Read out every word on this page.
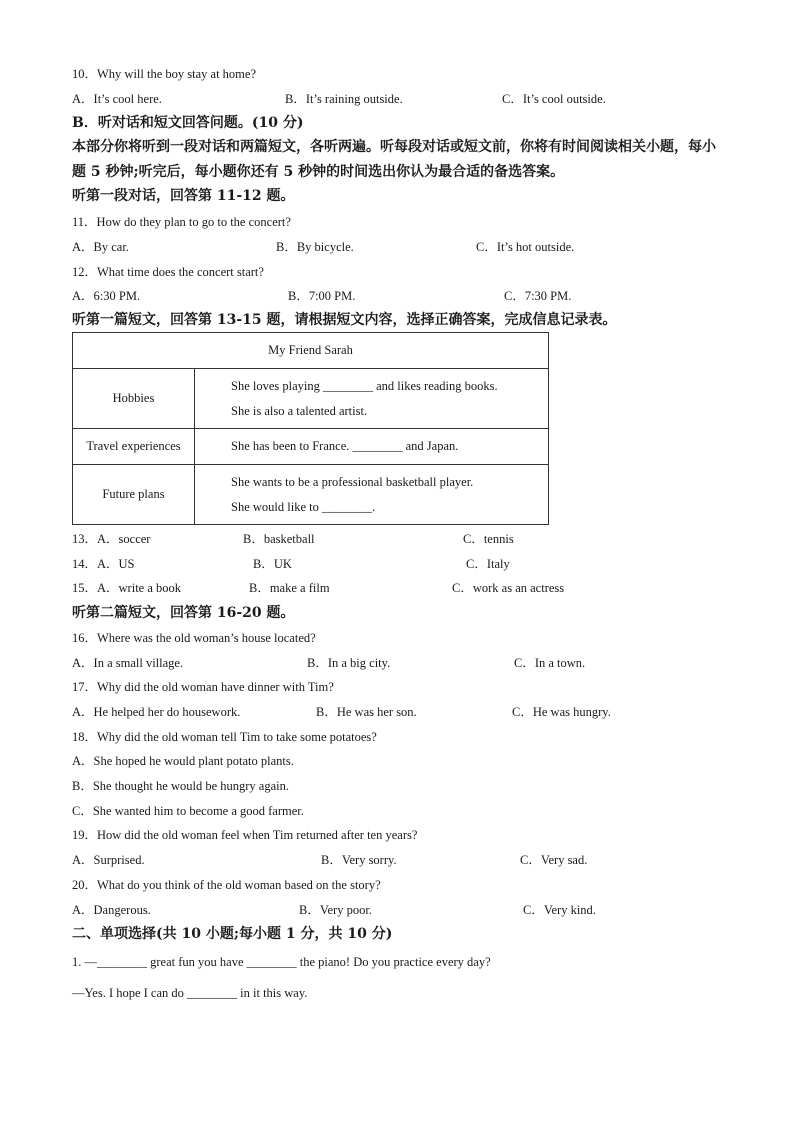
10．Why will the boy stay at home?
A．It’s cool here.	B．It’s raining outside.	C．It’s cool outside.
B．听对话和短文回答问题。(10 分)
本部分你将听到一段对话和两篇短文，各听两遍。听每段对话或短文前，你将有时间阅读相关小题，每小题 5 秒钟;听完后，每小题你还有 5 秒钟的时间选出你认为最合适的备选答案。
听第一段对话，回答第 11-12 题。
11．How do they plan to go to the concert?
A．By car.	B．By bicycle.	C．It’s hot outside.
12．What time does the concert start?
A．6:30 PM.	B．7:00 PM.	C．7:30 PM.
听第一篇短文，回答第 13-15 题，请根据短文内容，选择正确答案，完成信息记录表。
My Friend Sarah	
Hobbies	She loves playing ________ and likes reading books.
She is also a talented artist.

Travel experiences	She has been to France. ________ and Japan.

Future plans	She wants to be a professional basketball player.
She would like to ________.
13．A．soccer	B．basketball	C．tennis
14．A．US	B．UK	C．Italy
15．A．write a book	B．make a film	C．work as an actress
听第二篇短文，回答第 16-20 题。
16．Where was the old woman’s house located?
A．In a small village.	B．In a big city.	C．In a town.
17．Why did the old woman have dinner with Tim?
A．He helped her do housework.	B．He was her son.	C．He was hungry.
18．Why did the old woman tell Tim to take some potatoes?
A．She hoped he would plant potato plants.
B．She thought he would be hungry again.
C．She wanted him to become a good farmer.
19．How did the old woman feel when Tim returned after ten years?
A．Surprised.	B．Very sorry.	C．Very sad.
20．What do you think of the old woman based on the story?
A．Dangerous.	B．Very poor.	C．Very kind.
二、单项选择(共 10 小题;每小题 1 分，共 10 分)
1. —________ great fun you have ________ the piano! Do you practice every day?
—Yes. I hope I can do ________ in it this way.
